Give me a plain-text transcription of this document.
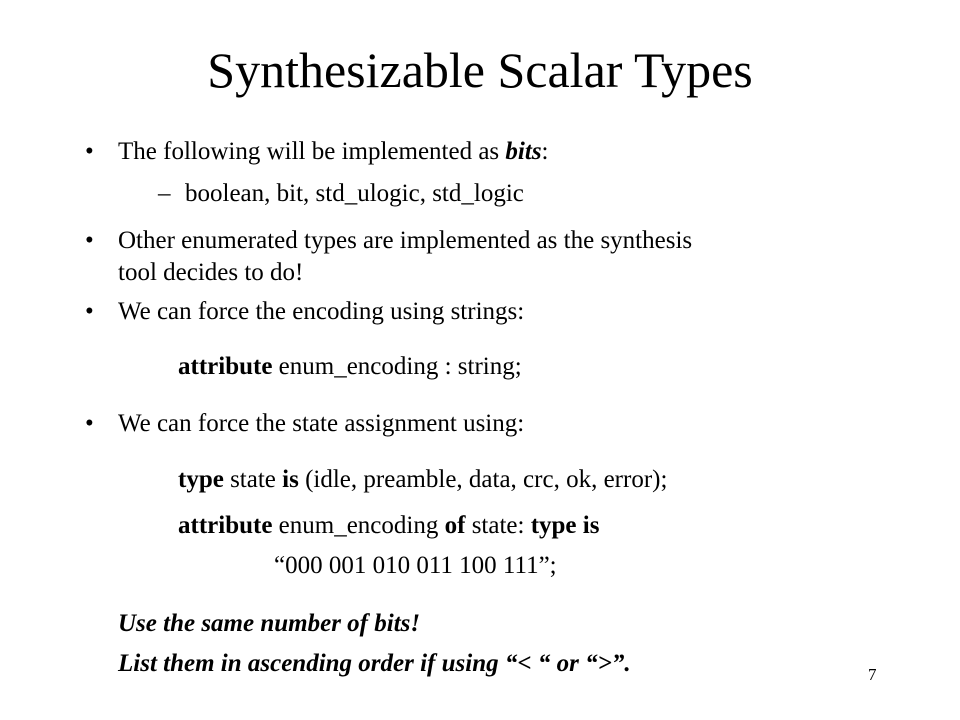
Synthesizable Scalar Types
• The following will be implemented as bits:
– boolean, bit, std_ulogic, std_logic
• Other enumerated types are implemented as the synthesis
tool decides to do!
• We can force the encoding using strings:
attribute enum_encoding : string;
• We can force the state assignment using:
type state is (idle, preamble, data, crc, ok, error);
attribute enum_encoding of state: type is
“000 001 010 011 100 111”;
Use the same number of bits!
List them in ascending order if using “< “ or “>”.	7
